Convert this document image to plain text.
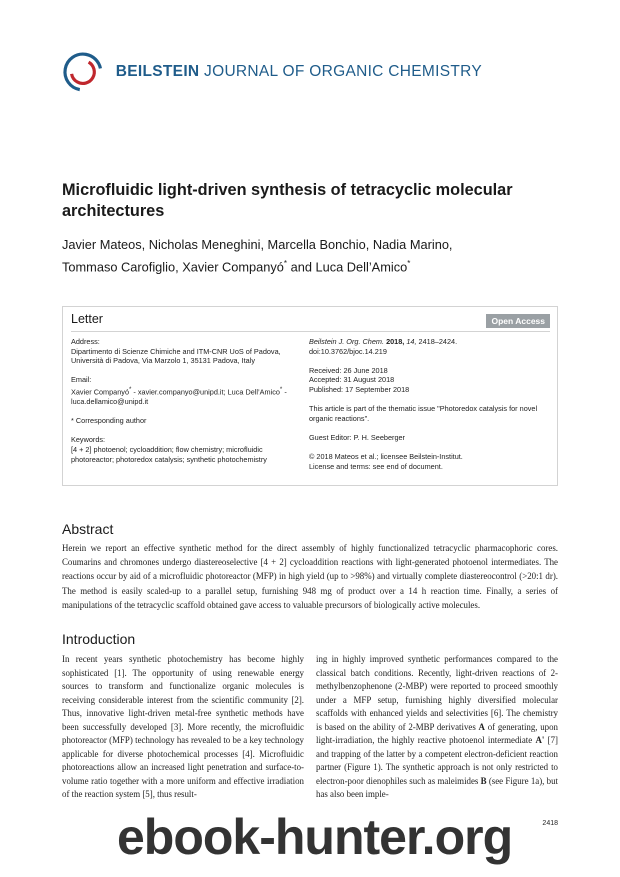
BEILSTEIN JOURNAL OF ORGANIC CHEMISTRY
Microfluidic light-driven synthesis of tetracyclic molecular architectures
Javier Mateos, Nicholas Meneghini, Marcella Bonchio, Nadia Marino,
Tommaso Carofiglio, Xavier Companyó* and Luca Dell’Amico*
Letter	Open Access

Address:

Dipartimento di Scienze Chimiche and ITM-CNR UoS of Padova,

Università di Padova, Via Marzolo 1, 35131 Padova, Italy

Email:

Xavier Companyó* - xavier.companyo@unipd.it; Luca Dell’Amico* -

luca.dellamico@unipd.it

* Corresponding author

Keywords:

[4 + 2] photoenol; cycloaddition; flow chemistry; microfluidic

photoreactor; photoredox catalysis; synthetic photochemistry

Beilstein J. Org. Chem. 2018, 14, 2418–2424.

doi:10.3762/bjoc.14.219

Received: 26 June 2018

Accepted: 31 August 2018

Published: 17 September 2018

This article is part of the thematic issue "Photoredox catalysis for novel

organic reactions".

Guest Editor: P. H. Seeberger

© 2018 Mateos et al.; licensee Beilstein-Institut.

License and terms: see end of document.

Abstract
Herein we report an effective synthetic method for the direct assembly of highly functionalized tetracyclic pharmacophoric cores. Coumarins and chromones undergo diastereoselective [4 + 2] cycloaddition reactions with light-generated photoenol intermediates. The reactions occur by aid of a microfluidic photoreactor (MFP) in high yield (up to >98%) and virtually complete diastereocontrol (>20:1 dr). The method is easily scaled-up to a parallel setup, furnishing 948 mg of product over a 14 h reaction time. Finally, a series of manipulations of the tetracyclic scaffold obtained gave access to valuable precursors of biologically active molecules.
Introduction

In recent years synthetic photochemistry has become highly sophisticated [1]. The opportunity of using renewable energy sources to transform and functionalize organic molecules is receiving considerable interest from the scientific community [2]. Thus, innovative light-driven metal-free synthetic methods have been successfully developed [3]. More recently, the microfluidic photoreactor (MFP) technology has revealed to be a key technology applicable for diverse photochemical processes [4]. Microfluidic photoreactions allow an increased light penetration and surface-to-volume ratio together with a more uniform and effective irradiation of the reaction system [5], thus result-

ing in highly improved synthetic performances compared to the classical batch conditions. Recently, light-driven reactions of 2-methylbenzophenone (2-MBP) were reported to proceed smoothly under a MFP setup, furnishing highly diversified molecular scaffolds with enhanced yields and selectivities [6]. The chemistry is based on the ability of 2-MBP derivatives A of generating, upon light-irradiation, the highly reactive photoenol intermediate A' [7] and trapping of the latter by a competent electron-deficient reaction partner (Figure 1). The synthetic approach is not only restricted to electron-poor dienophiles such as maleimides B (see Figure 1a), but has also been imple-

2418
ebook-hunter.org
